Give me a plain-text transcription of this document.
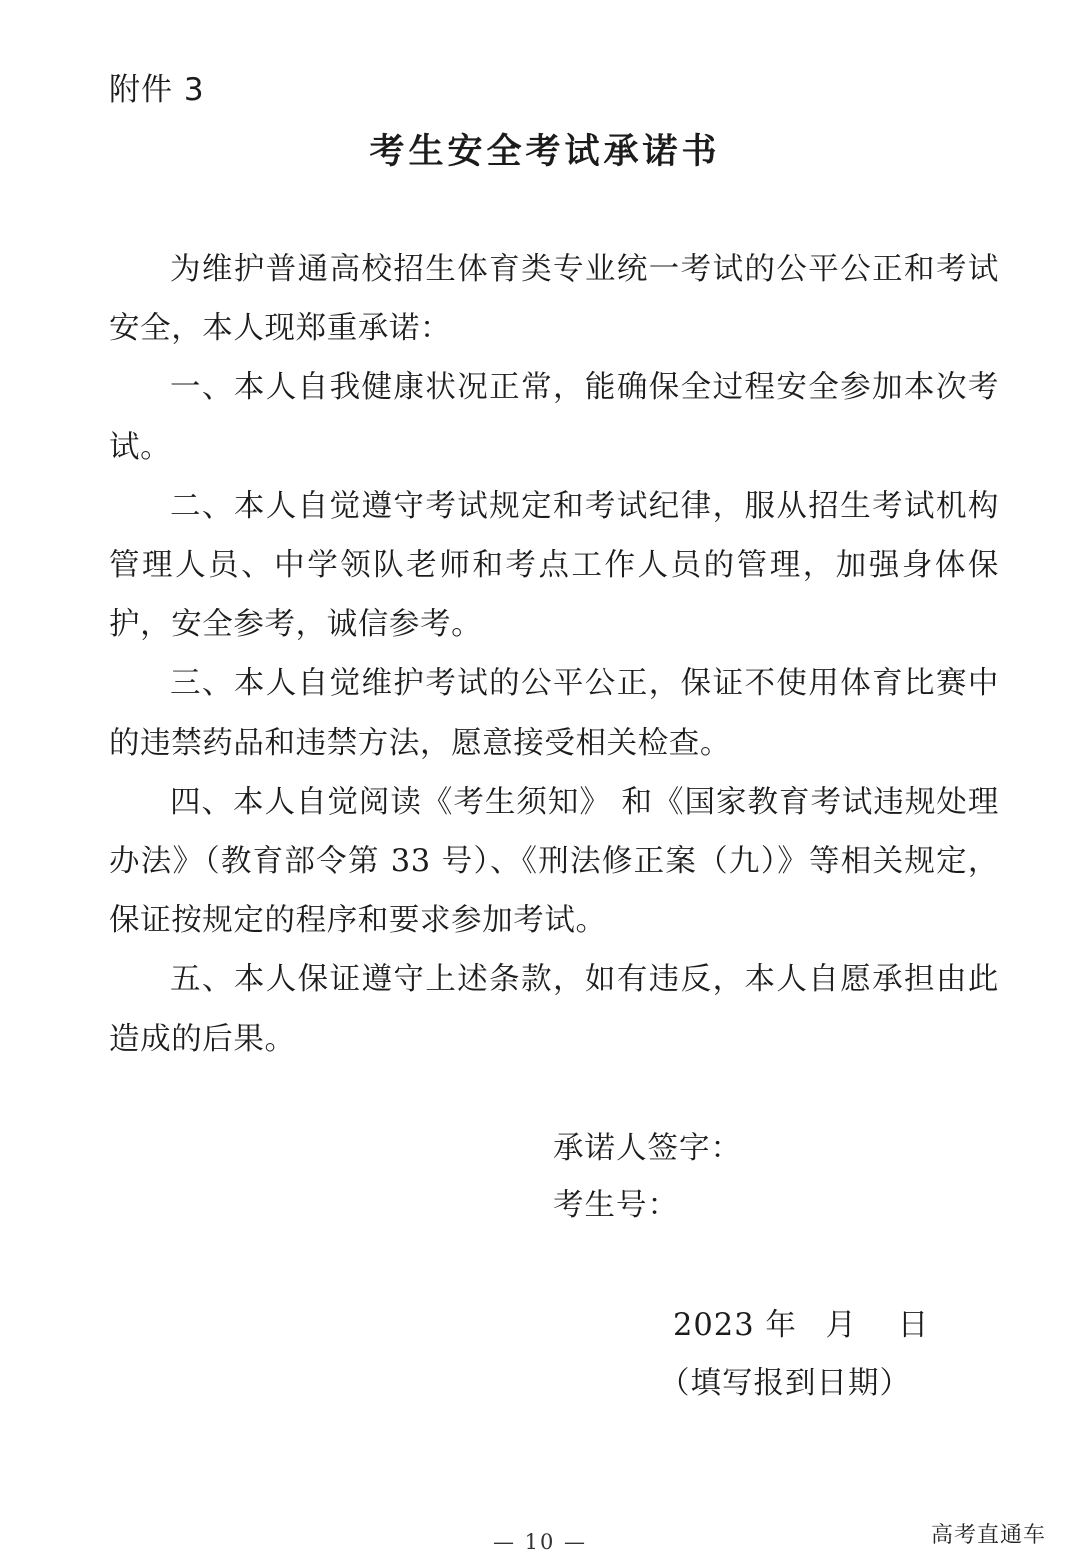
附件 3
考生安全考试承诺书

为维护普通高校招生体育类专业统一考试的公平公正和考试安全，本人现郑重承诺：

一、本人自我健康状况正常，能确保全过程安全参加本次考试。

二、本人自觉遵守考试规定和考试纪律，服从招生考试机构管理人员、中学领队老师和考点工作人员的管理，加强身体保护，安全参考，诚信参考。

三、本人自觉维护考试的公平公正，保证不使用体育比赛中的违禁药品和违禁方法，愿意接受相关检查。

四、本人自觉阅读《考生须知》 和《国家教育考试违规处理办法》（教育部令第 33 号）、《刑法修正案（九）》等相关规定，保证按规定的程序和要求参加考试。

五、本人保证遵守上述条款，如有违反，本人自愿承担由此造成的后果。

承诺人签字：
考生号：
2023 年 月 日
（填写报到日期）
— 10 —	高考直通车
